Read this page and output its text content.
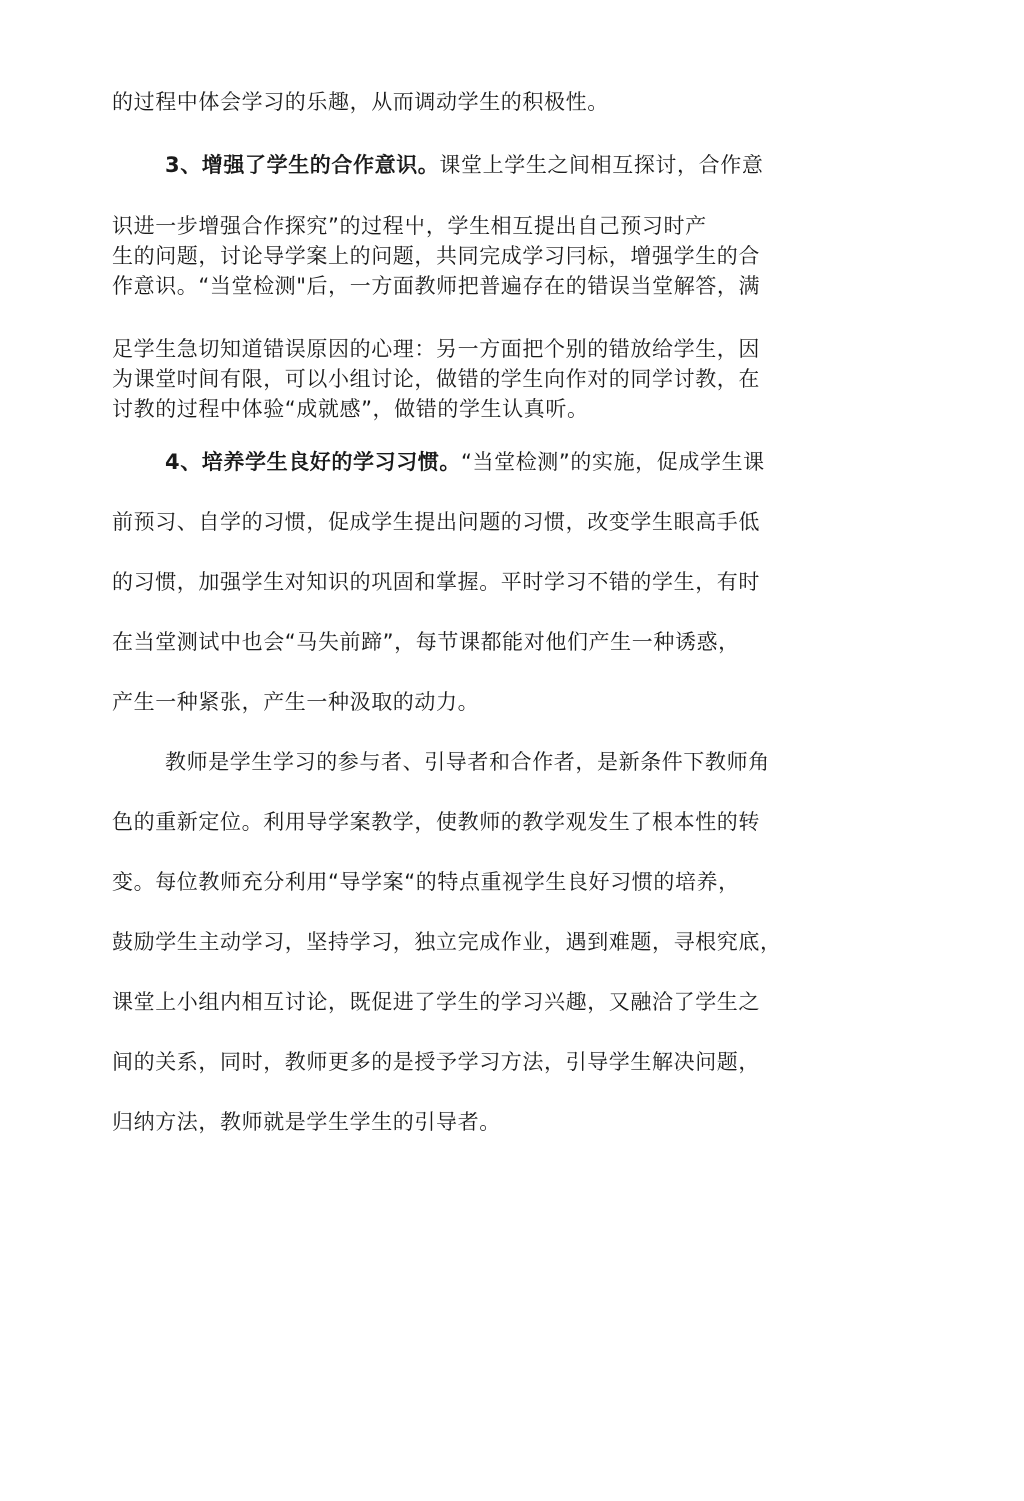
的过程中体会学习的乐趣，从而调动学生的积极性。
3、增强了学生的合作意识。课堂上学生之间相互探讨，合作意
识进一步增强合作探究”的过程屮，学生相互提出自己预习时产
生的问题，讨论导学案上的问题，共同完成学习冃标，增强学生的合
作意识。“当堂检测"后，一方面教师把普遍存在的错误当堂解答，满
足学生急切知道错误原因的心理：另一方面把个别的错放给学生，因
为课堂吋间有限，可以小组讨论，做错的学生向作对的同学讨教，在
讨教的过程中体验“成就感”，做错的学生认真听。
4、培养学生良好的学习习惯。“当堂检测”的实施，促成学生课
前预习、自学的习惯，促成学生提出问题的习惯，改变学生眼高手低
的习惯，加强学生对知识的巩固和掌握。平时学习不错的学生，有时
在当堂测试中也会“马失前蹄”，每节课都能对他们产生一种诱惑，
产生一种紧张，产生一种汲取的动力。
教师是学生学习的参与者、引导者和合作者，是新条件下教师角
色的重新定位。利用导学案教学，使教师的教学观发生了根本性的转
变。每位教师充分利用“导学案“的特点重视学生良好习惯的培养，
鼓励学生主动学习，坚持学习，独立完成作业，遇到难题，寻根究底，
课堂上小组内相互讨论，既促进了学生的学习兴趣，又融洽了学生之
间的关系，同时，教师更多的是授予学习方法，引导学生解决问题，
归纳方法，教师就是学生学生的引导者。
